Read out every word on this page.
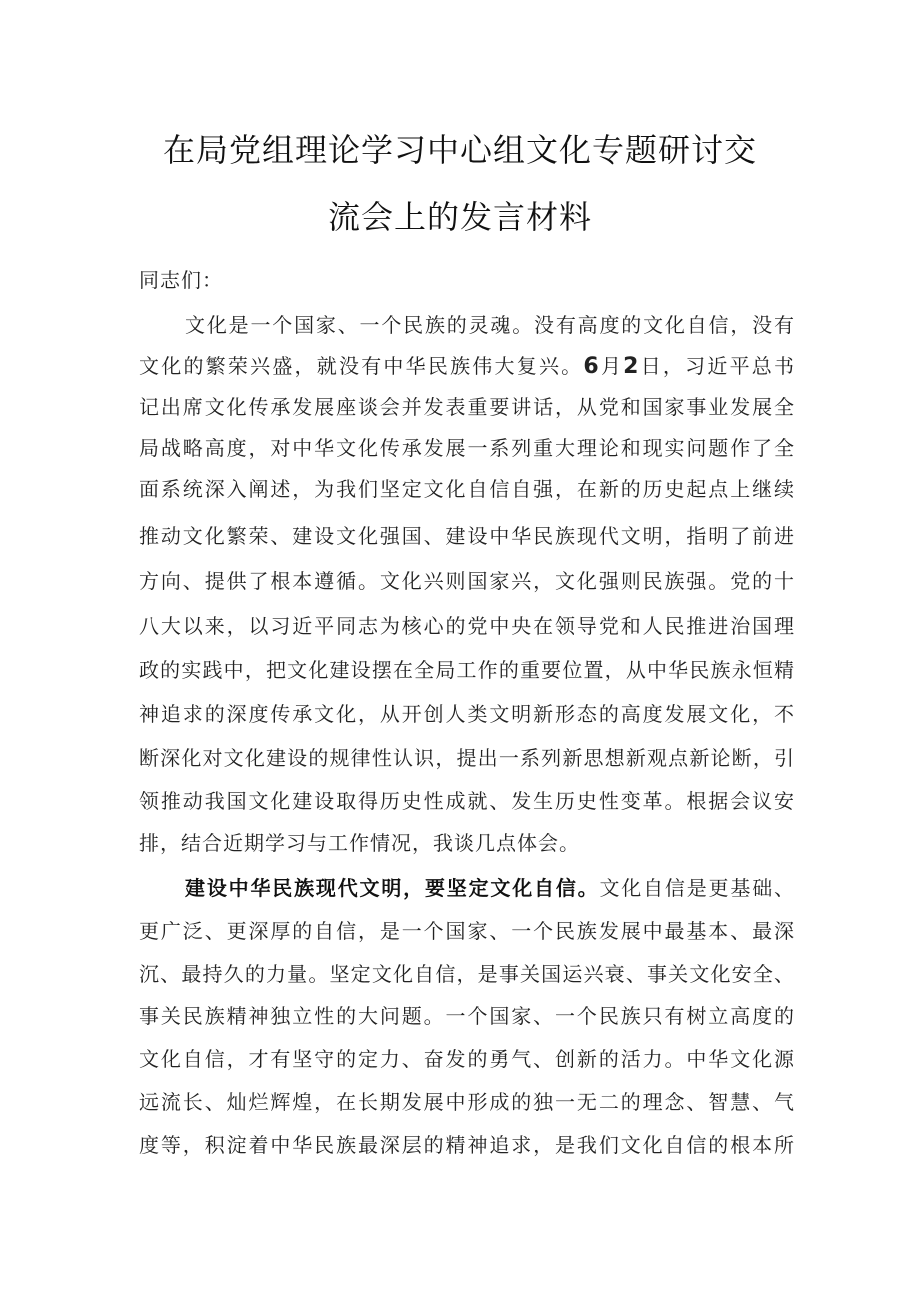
在局党组理论学习中心组文化专题研讨交
流会上的发言材料
同志们：
文化是一个国家、一个民族的灵魂。没有高度的文化自信，没有
文化的繁荣兴盛，就没有中华民族伟大复兴。6月2日，习近平总书
记出席文化传承发展座谈会并发表重要讲话，从党和国家事业发展全
局战略高度，对中华文化传承发展一系列重大理论和现实问题作了全
面系统深入阐述，为我们坚定文化自信自强，在新的历史起点上继续
推动文化繁荣、建设文化强国、建设中华民族现代文明，指明了前进
方向、提供了根本遵循。文化兴则国家兴，文化强则民族强。党的十
八大以来，以习近平同志为核心的党中央在领导党和人民推进治国理
政的实践中，把文化建设摆在全局工作的重要位置，从中华民族永恒精
神追求的深度传承文化，从开创人类文明新形态的高度发展文化，不
断深化对文化建设的规律性认识，提出一系列新思想新观点新论断，引
领推动我国文化建设取得历史性成就、发生历史性变革。根据会议安
排，结合近期学习与工作情况，我谈几点体会。
建设中华民族现代文明，要坚定文化自信。文化自信是更基础、
更广泛、更深厚的自信，是一个国家、一个民族发展中最基本、最深
沉、最持久的力量。坚定文化自信，是事关国运兴衰、事关文化安全、
事关民族精神独立性的大问题。一个国家、一个民族只有树立高度的
文化自信，才有坚守的定力、奋发的勇气、创新的活力。中华文化源
远流长、灿烂辉煌，在长期发展中形成的独一无二的理念、智慧、气
度等，积淀着中华民族最深层的精神追求，是我们文化自信的根本所
